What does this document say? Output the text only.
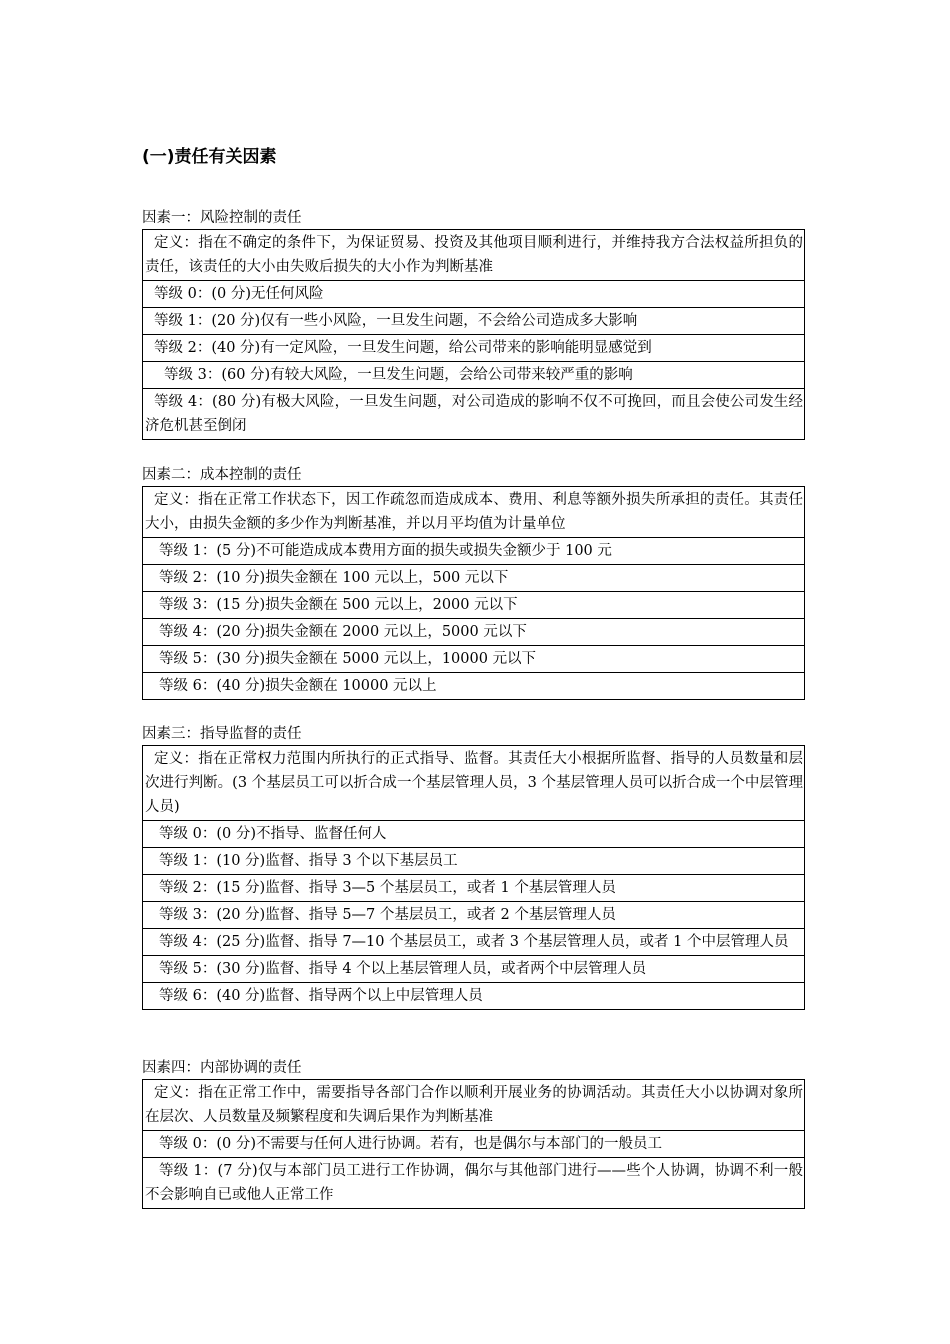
(一)责任有关因素
因素一：风险控制的责任
定义：指在不确定的条件下，为保证贸易、投资及其他项目顺利进行，并维持我方合法权益所担负的责任，该责任的大小由失败后损失的大小作为判断基准
等级 0：(0 分)无任何风险
等级 1：(20 分)仅有一些小风险，一旦发生问题，不会给公司造成多大影响
等级 2：(40 分)有一定风险，一旦发生问题，给公司带来的影响能明显感觉到
等级 3：(60 分)有较大风险，一旦发生问题，会给公司带来较严重的影响
等级 4：(80 分)有极大风险，一旦发生问题，对公司造成的影响不仅不可挽回，而且会使公司发生经济危机甚至倒闭
因素二：成本控制的责任
定义：指在正常工作状态下，因工作疏忽而造成成本、费用、利息等额外损失所承担的责任。其责任大小，由损失金额的多少作为判断基准，并以月平均值为计量单位
等级 1：(5 分)不可能造成成本费用方面的损失或损失金额少于 100 元
等级 2：(10 分)损失金额在 100 元以上，500 元以下
等级 3：(15 分)损失金额在 500 元以上，2000 元以下
等级 4：(20 分)损失金额在 2000 元以上，5000 元以下
等级 5：(30 分)损失金额在 5000 元以上，10000 元以下
等级 6：(40 分)损失金额在 10000 元以上
因素三：指导监督的责任
定义：指在正常权力范围内所执行的正式指导、监督。其责任大小根据所监督、指导的人员数量和层次进行判断。(3 个基层员工可以折合成一个基层管理人员，3 个基层管理人员可以折合成一个中层管理人员)
等级 0：(0 分)不指导、监督任何人
等级 1：(10 分)监督、指导 3 个以下基层员工
等级 2：(15 分)监督、指导 3—5 个基层员工，或者 1 个基层管理人员
等级 3：(20 分)监督、指导 5—7 个基层员工，或者 2 个基层管理人员
等级 4：(25 分)监督、指导 7—10 个基层员工，或者 3 个基层管理人员，或者 1 个中层管理人员
等级 5：(30 分)监督、指导 4 个以上基层管理人员，或者两个中层管理人员
等级 6：(40 分)监督、指导两个以上中层管理人员
因素四：内部协调的责任
定义：指在正常工作中，需要指导各部门合作以顺利开展业务的协调活动。其责任大小以协调对象所在层次、人员数量及频繁程度和失调后果作为判断基准
等级 0：(0 分)不需要与任何人进行协调。若有，也是偶尔与本部门的一般员工
等级 1：(7 分)仅与本部门员工进行工作协调，偶尔与其他部门进行——些个人协调，协调不利一般不会影响自已或他人正常工作
